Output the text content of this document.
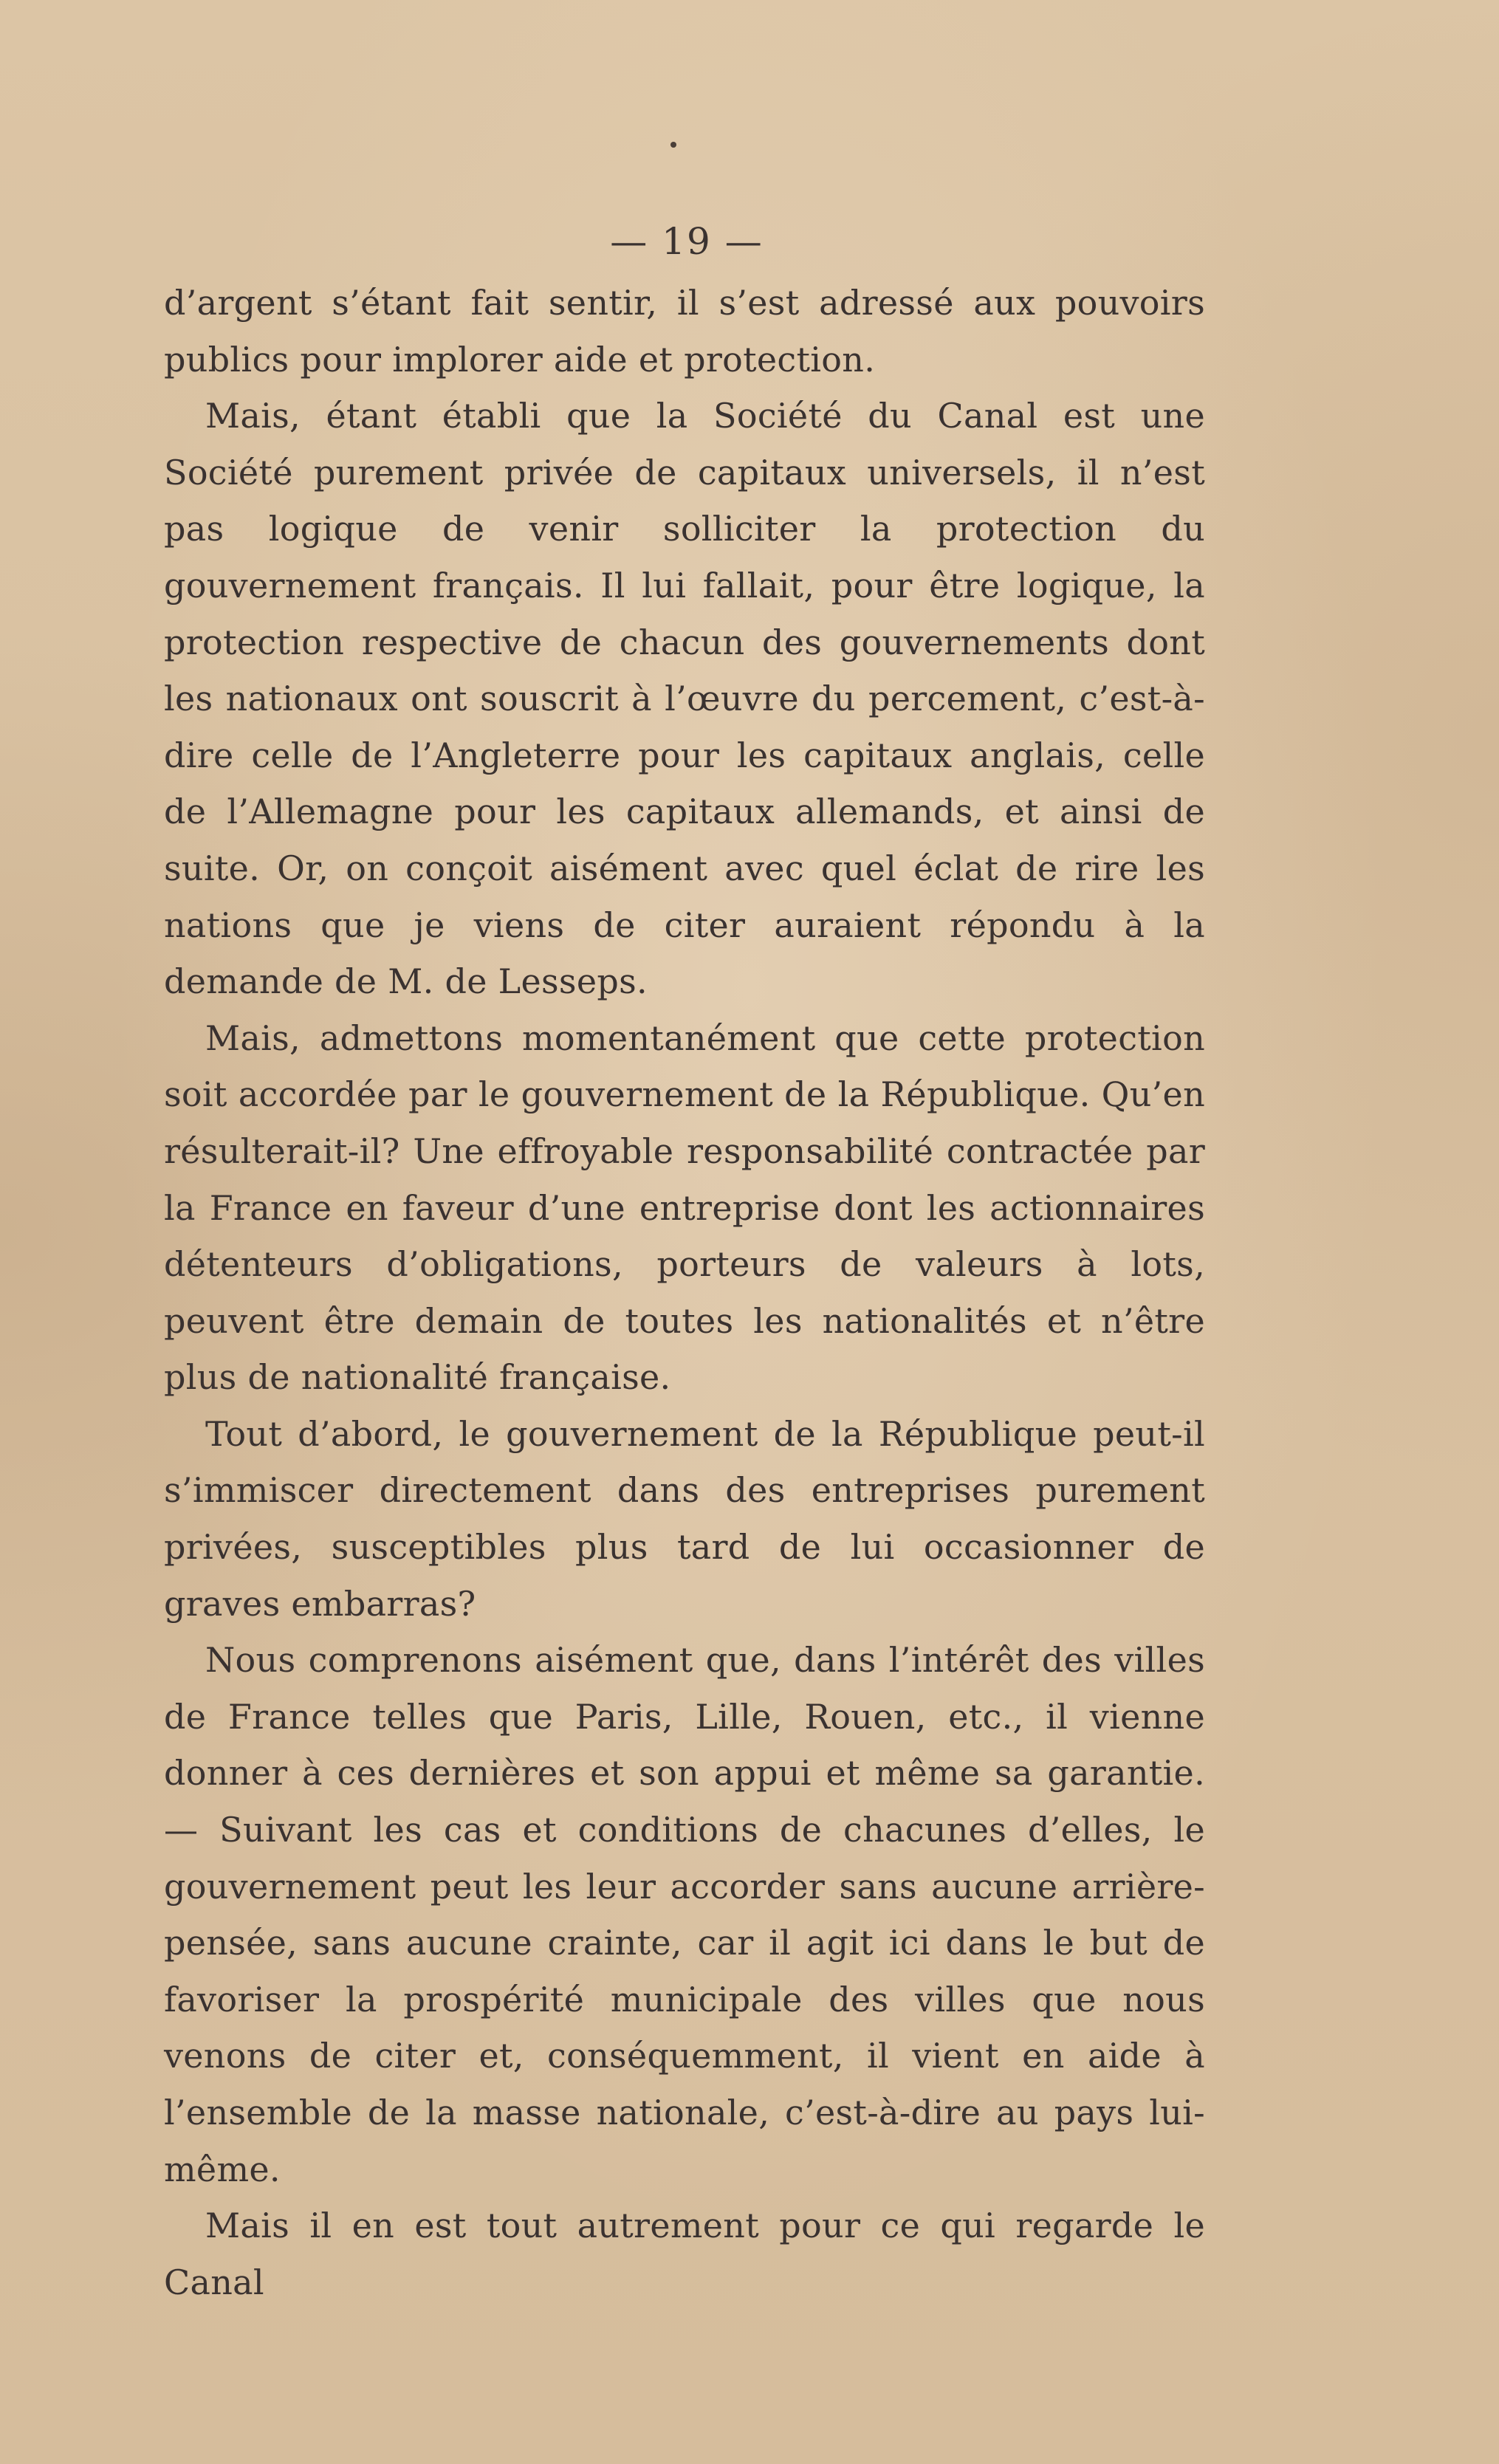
— 19 —

d’argent s’étant fait sentir, il s’est adressé aux pouvoirs publics pour implorer aide et protection.

Mais, étant établi que la Société du Canal est une Société purement privée de capitaux universels, il n’est pas logique de venir solliciter la protection du gouvernement français. Il lui fallait, pour être logique, la protection respective de chacun des gouvernements dont les nationaux ont souscrit à l’œuvre du percement, c’est-à-dire celle de l’Angleterre pour les capitaux anglais, celle de l’Allemagne pour les capitaux allemands, et ainsi de suite. Or, on conçoit aisément avec quel éclat de rire les nations que je viens de citer auraient répondu à la demande de M. de Lesseps.

Mais, admettons momentanément que cette protection soit accordée par le gouvernement de la République. Qu’en résulterait-il? Une effroyable responsabilité contractée par la France en faveur d’une entreprise dont les actionnaires détenteurs d’obligations, porteurs de valeurs à lots, peuvent être demain de toutes les nationalités et n’être plus de nationalité française.

Tout d’abord, le gouvernement de la République peut-il s’immiscer directement dans des entreprises purement privées, susceptibles plus tard de lui occasionner de graves embarras?

Nous comprenons aisément que, dans l’intérêt des villes de France telles que Paris, Lille, Rouen, etc., il vienne donner à ces dernières et son appui et même sa garantie. — Suivant les cas et conditions de chacunes d’elles, le gouvernement peut les leur accorder sans aucune arrière-pensée, sans aucune crainte, car il agit ici dans le but de favoriser la prospérité municipale des villes que nous venons de citer et, conséquemment, il vient en aide à l’ensemble de la masse nationale, c’est-à-dire au pays lui-même.

Mais il en est tout autrement pour ce qui regarde le Canal
